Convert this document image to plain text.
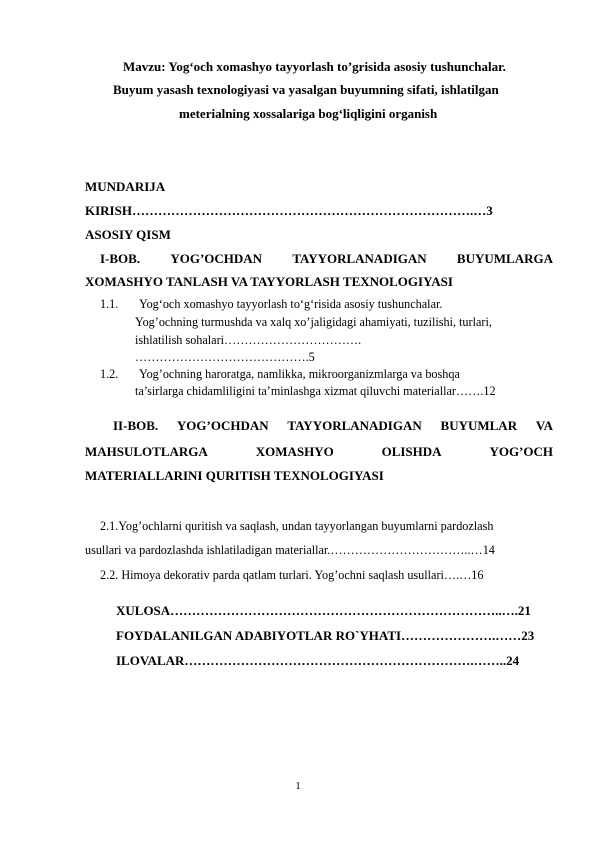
Mavzu: Yog‘och xomashyo tayyorlash to’grisida asosiy tushunchalar.
Buyum yasash texnologiyasi va yasalgan buyumning sifati, ishlatilgan
meterialning xossalariga bog‘liqligini organish
MUNDARIJA
KIRISH…………………………………………………………………….…3
ASOSIY QISM
I-BOB. YOG’OCHDAN TAYYORLANADIGAN BUYUMLARGA
XOMASHYO TANLASH VA TAYYORLASH TEXNOLOGIYASI
1.1. Yog‘och xomashyo tayyorlash to‘g‘risida asosiy tushunchalar.
Yog’ochning turmushda va xalq xo’jaligidagi ahamiyati, tuzilishi, turlari,
ishlatilish sohalari…………………………….
…………………………………….5
1.2. Yog’ochning haroratga, namlikka, mikroorganizmlarga va boshqa
ta’sirlarga chidamliligini ta’minlashga xizmat qiluvchi materiallar…….12
II-BOB. YOG’OCHDAN TAYYORLANADIGAN BUYUMLAR VA
MAHSULOTLARGA	XOMASHYO	OLISHDA	YOG’OCH
MATERIALLARINI QURITISH TEXNOLOGIYASI
2.1.Yog’ochlarni quritish va saqlash, undan tayyorlangan buyumlarni pardozlash
usullari va pardozlashda ishlatiladigan materiallar.……………………………..…14
2.2. Himoya dekorativ parda qatlam turlari. Yog’ochni saqlash usullari….…16
XULOSA…………………………………………………………………..….21
FOYDALANILGAN ADABIYOTLAR RO`YHATI………………….……23
ILOVALAR………………………………………………………….……..24
1
